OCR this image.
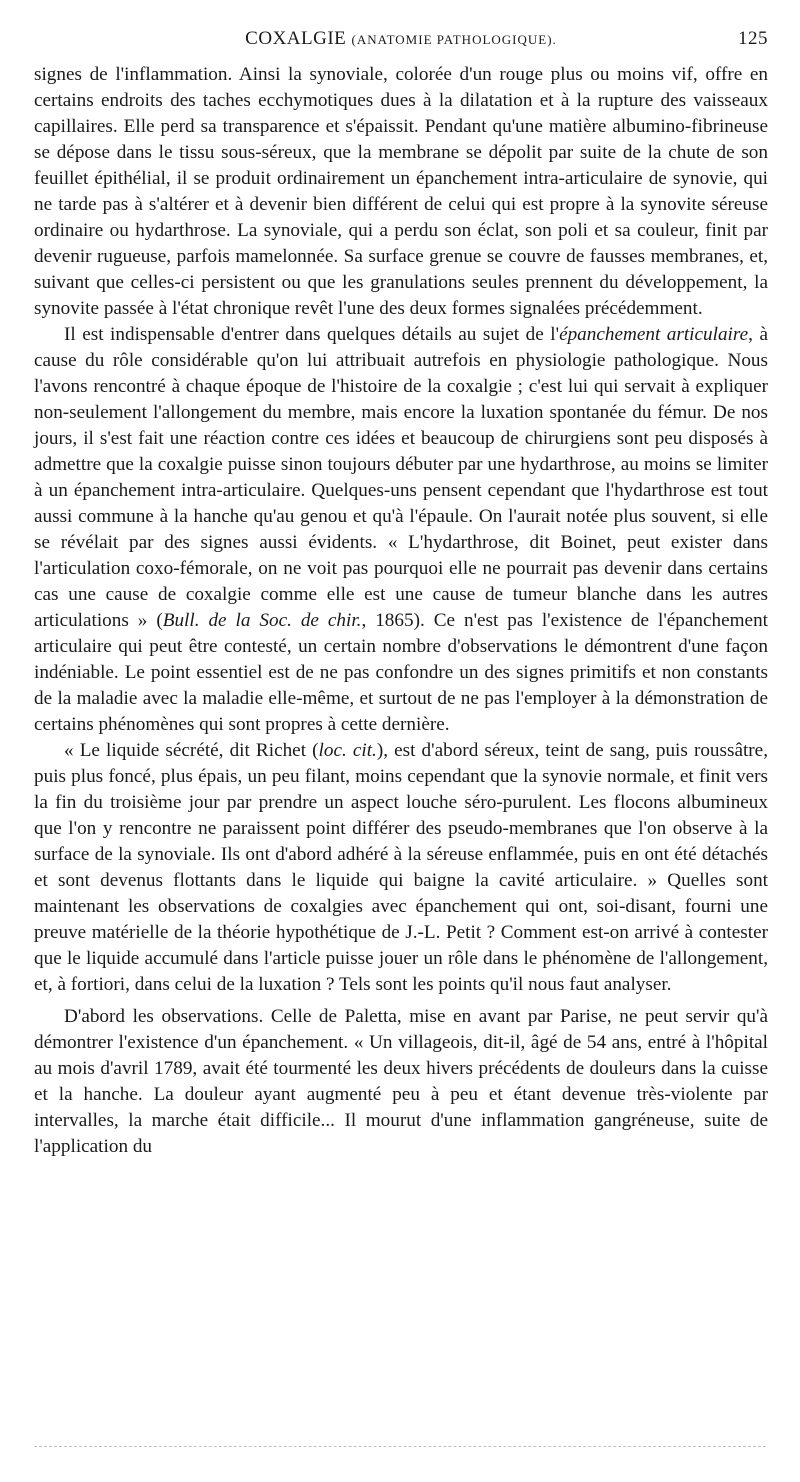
COXALGIE (ANATOMIE PATHOLOGIQUE).	125

signes de l'inflammation. Ainsi la synoviale, colorée d'un rouge plus ou moins vif, offre en certains endroits des taches ecchymotiques dues à la dilatation et à la rupture des vaisseaux capillaires. Elle perd sa transparence et s'épaissit. Pendant qu'une matière albumino-fibrineuse se dépose dans le tissu sous-séreux, que la membrane se dépolit par suite de la chute de son feuillet épithélial, il se produit ordinairement un épanchement intra-articulaire de synovie, qui ne tarde pas à s'altérer et à devenir bien différent de celui qui est propre à la synovite séreuse ordinaire ou hydarthrose. La synoviale, qui a perdu son éclat, son poli et sa couleur, finit par devenir rugueuse, parfois mamelonnée. Sa surface grenue se couvre de fausses membranes, et, suivant que celles-ci persistent ou que les granulations seules prennent du développement, la synovite passée à l'état chronique revêt l'une des deux formes signalées précédemment.

Il est indispensable d'entrer dans quelques détails au sujet de l'épanchement articulaire, à cause du rôle considérable qu'on lui attribuait autrefois en physiologie pathologique. Nous l'avons rencontré à chaque époque de l'histoire de la coxalgie ; c'est lui qui servait à expliquer non-seulement l'allongement du membre, mais encore la luxation spontanée du fémur. De nos jours, il s'est fait une réaction contre ces idées et beaucoup de chirurgiens sont peu disposés à admettre que la coxalgie puisse sinon toujours débuter par une hydarthrose, au moins se limiter à un épanchement intra-articulaire. Quelques-uns pensent cependant que l'hydarthrose est tout aussi commune à la hanche qu'au genou et qu'à l'épaule. On l'aurait notée plus souvent, si elle se révélait par des signes aussi évidents. « L'hydarthrose, dit Boinet, peut exister dans l'articulation coxo-fémorale, on ne voit pas pourquoi elle ne pourrait pas devenir dans certains cas une cause de coxalgie comme elle est une cause de tumeur blanche dans les autres articulations » (Bull. de la Soc. de chir., 1865). Ce n'est pas l'existence de l'épanchement articulaire qui peut être contesté, un certain nombre d'observations le démontrent d'une façon indéniable. Le point essentiel est de ne pas confondre un des signes primitifs et non constants de la maladie avec la maladie elle-même, et surtout de ne pas l'employer à la démonstration de certains phénomènes qui sont propres à cette dernière.

« Le liquide sécrété, dit Richet (loc. cit.), est d'abord séreux, teint de sang, puis roussâtre, puis plus foncé, plus épais, un peu filant, moins cependant que la synovie normale, et finit vers la fin du troisième jour par prendre un aspect louche séro-purulent. Les flocons albumineux que l'on y rencontre ne paraissent point différer des pseudo-membranes que l'on observe à la surface de la synoviale. Ils ont d'abord adhéré à la séreuse enflammée, puis en ont été détachés et sont devenus flottants dans le liquide qui baigne la cavité articulaire. » Quelles sont maintenant les observations de coxalgies avec épanchement qui ont, soi-disant, fourni une preuve matérielle de la théorie hypothétique de J.-L. Petit ? Comment est-on arrivé à contester que le liquide accumulé dans l'article puisse jouer un rôle dans le phénomène de l'allongement, et, à fortiori, dans celui de la luxation ? Tels sont les points qu'il nous faut analyser.

D'abord les observations. Celle de Paletta, mise en avant par Parise, ne peut servir qu'à démontrer l'existence d'un épanchement. « Un villageois, dit-il, âgé de 54 ans, entré à l'hôpital au mois d'avril 1789, avait été tourmenté les deux hivers précédents de douleurs dans la cuisse et la hanche. La douleur ayant augmenté peu à peu et étant devenue très-violente par intervalles, la marche était difficile... Il mourut d'une inflammation gangréneuse, suite de l'application du
